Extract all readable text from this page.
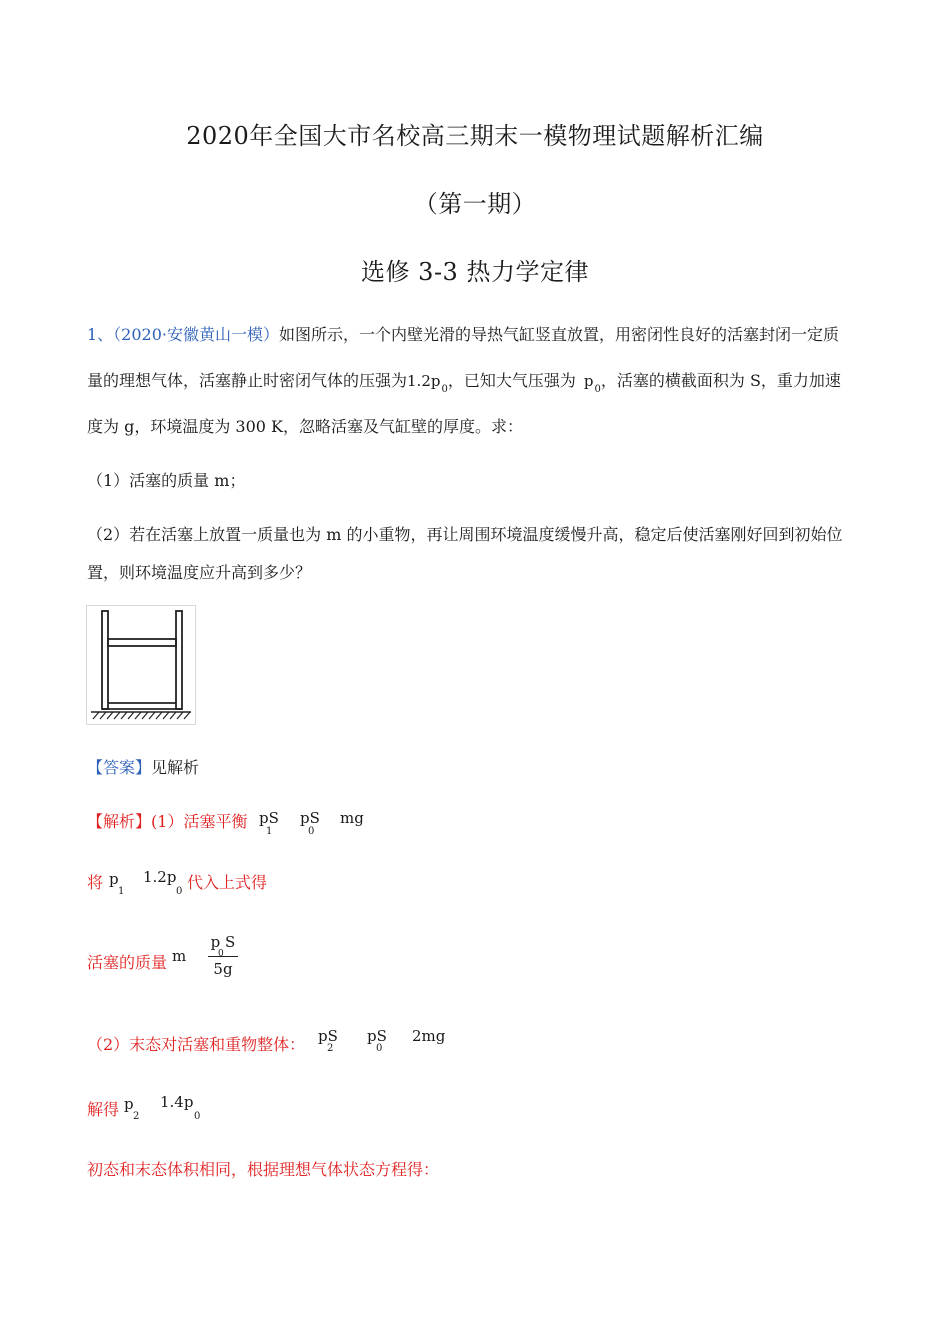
2020年全国大市名校高三期末一模物理试题解析汇编
（第一期）
选修 3-3 热力学定律
1、（2020·安徽黄山一模）如图所示，一个内壁光滑的导热气缸竖直放置，用密闭性良好的活塞封闭一定质
量的理想气体，活塞静止时密闭气体的压强为$1.2p_0$，已知大气压强为 $p_0$，活塞的横截面积为 S，重力加速
度为 g，环境温度为 300 K，忽略活塞及气缸壁的厚度。求：
（1）活塞的质量 m；
（2）若在活塞上放置一质量也为 m 的小重物，再让周围环境温度缓慢升高，稳定后使活塞刚好回到初始位
置，则环境温度应升高到多少？
【答案】见解析
【解析】(1）活塞平衡 pS
1
pS
0
mg
将 p
1
1.2p
0 代入上式得
活塞的质量 m
p S
0
5g
（2）末态对活塞和重物整体： pS
2
pS
0
2mg
解得 p
2
1.4p
0
初态和末态体积相同，根据理想气体状态方程得：
